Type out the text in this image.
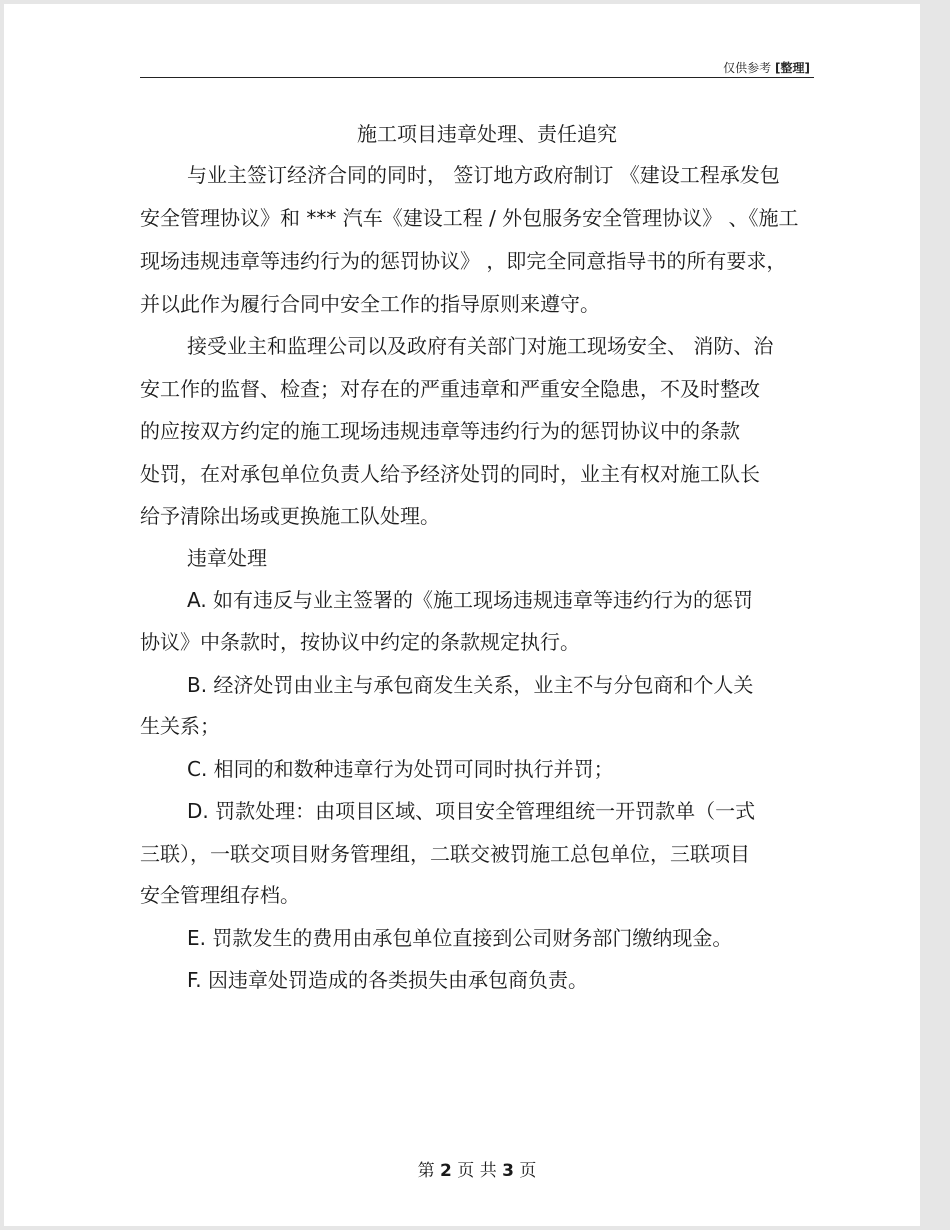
仅供参考 [整理]
施工项目违章处理、责任追究
与业主签订经济合同的同时， 签订地方政府制订 《建设工程承发包
安全管理协议》和 *** 汽车《建设工程 / 外包服务安全管理协议》 、《施工
现场违规违章等违约行为的惩罚协议》 ，即完全同意指导书的所有要求，
并以此作为履行合同中安全工作的指导原则来遵守。
接受业主和监理公司以及政府有关部门对施工现场安全、 消防、治
安工作的监督、检查；对存在的严重违章和严重安全隐患，不及时整改
的应按双方约定的施工现场违规违章等违约行为的惩罚协议中的条款
处罚，在对承包单位负责人给予经济处罚的同时，业主有权对施工队长
给予清除出场或更换施工队处理。
违章处理
A. 如有违反与业主签署的《施工现场违规违章等违约行为的惩罚
协议》中条款时，按协议中约定的条款规定执行。
B. 经济处罚由业主与承包商发生关系，业主不与分包商和个人关
生关系；
C. 相同的和数种违章行为处罚可同时执行并罚；
D. 罚款处理：由项目区域、项目安全管理组统一开罚款单（一式
三联），一联交项目财务管理组，二联交被罚施工总包单位，三联项目
安全管理组存档。
E. 罚款发生的费用由承包单位直接到公司财务部门缴纳现金。
F. 因违章处罚造成的各类损失由承包商负责。
第 2 页 共 3 页
